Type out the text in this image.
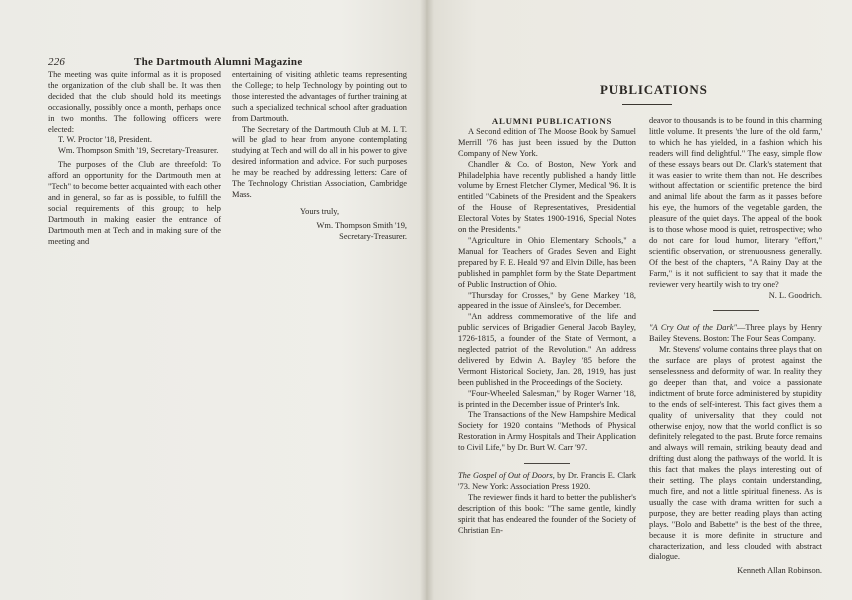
226	The Dartmouth Alumni Magazine

The meeting was quite informal as it is proposed the organization of the club shall be. It was then decided that the club should hold its meetings occasionally, possibly once a month, perhaps once in two months. The following officers were elected:

T. W. Proctor '18, President.

Wm. Thompson Smith '19, Secretary-Treasurer.

The purposes of the Club are threefold: To afford an opportunity for the Dartmouth men at "Tech" to become better acquainted with each other and in general, so far as is possible, to fulfill the social requirements of this group; to help Dartmouth in making easier the entrance of Dartmouth men at Tech and in making sure of the meeting and

entertaining of visiting athletic teams representing the College; to help Technology by pointing out to those interested the advantages of further training at such a specialized technical school after graduation from Dartmouth.

The Secretary of the Dartmouth Club at M. I. T. will be glad to hear from anyone contemplating studying at Tech and will do all in his power to give desired information and advice. For such purposes he may be reached by addressing letters: Care of The Technology Christian Association, Cambridge Mass.

Yours truly,

Wm. Thompson Smith '19,

Secretary-Treasurer.

PUBLICATIONS

ALUMNI PUBLICATIONS

A Second edition of The Moose Book by Samuel Merrill '76 has just been issued by the Dutton Company of New York.

Chandler & Co. of Boston, New York and Philadelphia have recently published a handy little volume by Ernest Fletcher Clymer, Medical '96. It is entitled "Cabinets of the President and the Speakers of the House of Representatives, Presidential Electoral Votes by States 1900-1916, Special Notes on the Presidents."

"Agriculture in Ohio Elementary Schools," a Manual for Teachers of Grades Seven and Eight prepared by F. E. Heald '97 and Elvin Dille, has been published in pamphlet form by the State Department of Public Instruction of Ohio.

"Thursday for Crosses," by Gene Markey '18, appeared in the issue of Ainslee's, for December.

"An address commemorative of the life and public services of Brigadier General Jacob Bayley, 1726-1815, a founder of the State of Vermont, a neglected patriot of the Revolution." An address delivered by Edwin A. Bayley '85 before the Vermont Historical Society, Jan. 28, 1919, has just been published in the Proceedings of the Society.

"Four-Wheeled Salesman," by Roger Warner '18, is printed in the December issue of Printer's Ink.

The Transactions of the New Hampshire Medical Society for 1920 contains "Methods of Physical Restoration in Army Hospitals and Their Application to Civil Life," by Dr. Burt W. Carr '97.

The Gospel of Out of Doors, by Dr. Francis E. Clark '73. New York: Association Press 1920.

The reviewer finds it hard to better the publisher's description of this book: "The same gentle, kindly spirit that has endeared the founder of the Society of Christian En-

deavor to thousands is to be found in this charming little volume. It presents 'the lure of the old farm,' to which he has yielded, in a fashion which his readers will find delightful." The easy, simple flow of these essays bears out Dr. Clark's statement that it was easier to write them than not. He describes without affectation or scientific pretence the bird and animal life about the farm as it passes before his eye, the humors of the vegetable garden, the pleasure of the quiet days. The appeal of the book is to those whose mood is quiet, retrospective; who do not care for loud humor, literary "effort," scientific observation, or strenuousness generally. Of the best of the chapters, "A Rainy Day at the Farm," is it not sufficient to say that it made the reviewer very heartily wish to try one?

N. L. Goodrich.

"A Cry Out of the Dark"—Three plays by Henry Bailey Stevens. Boston: The Four Seas Company.

Mr. Stevens' volume contains three plays that on the surface are plays of protest against the senselessness and deformity of war. In reality they go deeper than that, and voice a passionate indictment of brute force administered by stupidity to the ends of self-interest. This fact gives them a quality of universality that they could not otherwise enjoy, now that the world conflict is so definitely relegated to the past. Brute force remains and always will remain, striking beauty dead and drifting dust along the pathways of the world. It is this fact that makes the plays interesting out of their setting. The plays contain understanding, much fire, and not a little spiritual fineness. As is usually the case with drama written for such a purpose, they are better reading plays than acting plays. "Bolo and Babette" is the best of the three, because it is more definite in structure and characterization, and less clouded with abstract dialogue.

Kenneth Allan Robinson.
